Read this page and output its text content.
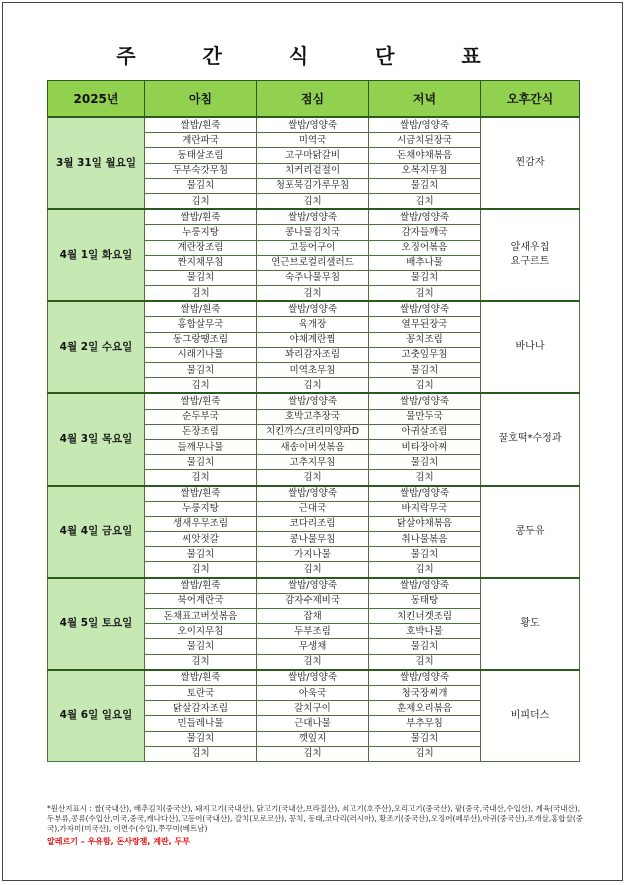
주 간 식 단 표
2025년	아침	점심	저녁	오후간식
3월 31일 월요일	쌀밥/흰죽	쌀밥/영양죽	쌀밥/영양죽	찐감자

	계란파국	미역국	시금치된장국	
	동태살조림	고구마닭갈비	돈채야채볶음	
	두부숙갓무침	치커리겉절이	오복지무침	
	물김치	청포묵김가루무침	물김치	
	김치	김치	김치	
4월 1일 화요일	쌀밥/흰죽	쌀밥/영양죽	쌀밥/영양죽	알새우칩
요구르트

	누룽지탕	콩나물김치국	감자들깨국	
	계란장조림	고등어구이	오징어볶음	
	짠지채무침	연근브로컬리샐러드	배추나물	
	물김치	숙주나물무침	물김치	
	김치	김치	김치	
4월 2일 수요일	쌀밥/흰죽	쌀밥/영양죽	쌀밥/영양죽	바나나

	홍합살무국	육개장	열무된장국	
	동그랑땡조림	야채계란찜	꽁치조림	
	시래기나물	꽈리감자조림	고춧잎무침	
	물김치	미역초무침	물김치	
	김치	김치	김치	
4월 3일 목요일	쌀밥/흰죽	쌀밥/영양죽	쌀밥/영양죽	꿀호떡*수정과

	순두부국	호박고추장국	물만두국	
	돈장조림	치킨까스/크리미양파D	아귀살조림	
	들깨무나물	새송이버섯볶음	비타장아찌	
	물김치	고추지무침	물김치	
	김치	김치	김치	
4월 4일 금요일	쌀밥/흰죽	쌀밥/영양죽	쌀밥/영양죽	콩두유

	누룽지탕	근대국	바지락무국	
	생새우무조림	코다리조림	닭살야채볶음	
	씨앗젓갈	콩나물무침	취나물볶음	
	물김치	가지나물	물김치	
	김치	김치	김치	
4월 5일 토요일	쌀밥/흰죽	쌀밥/영양죽	쌀밥/영양죽	황도

	북어계란국	감자수제비국	동태탕	
	돈채표고버섯볶음	잡채	치킨너겟조림	
	오이지무침	두부조림	호박나물	
	물김치	무생채	물김치	
	김치	김치	김치	
4월 6일 일요일	쌀밥/흰죽	쌀밥/영양죽	쌀밥/영양죽	비피더스

	토란국	아욱국	청국장찌개	
	닭살감자조림	갈치구이	훈제오리볶음	
	민들레나물	근대나물	부추무침	
	물김치	깻잎지	물김치	
	김치	김치	김치	
*원산지표시 : 쌀(국내산), 배추김치(중국산), 돼지고기(국내산), 닭고기(국내산,브라질산), 쇠고기(호주산),오리고기(중국산), 팥(중국,국내산,수입산), 계육(국내산),두부류,콩류(수입산,미국,중국,캐나다산),고등어(국내산), 갈치(모로코산), 꽁치, 동태,코다리(러시아), 황조기(중국산),오징어(페루산),아귀(중국산),조개살,홍합살(중국),가자미(미국산), 이면수(수입),쭈꾸미(베트남)
알레르기 – 우유함, 돈사랑잼, 계란, 두부
